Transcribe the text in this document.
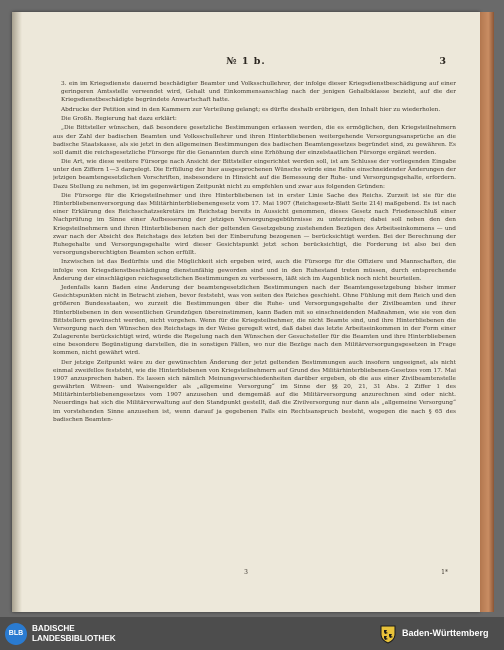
№ 1 b.	3

3. ein im Kriegsdienste dauernd beschädigter Beamter und Volksschullehrer, der infolge dieser Kriegsdienstbeschädigung auf einer geringeren Amtsstelle verwendet wird, Gehalt und Einkommensanschlag nach der jenigen Gehaltsklasse bezieht, auf die der Kriegsdienstbeschädigte begründete Anwartschaft hatte.

Abdrucke der Petition sind in den Kammern zur Verteilung gelangt; es dürfte deshalb erübrigen, den Inhalt hier zu wiederholen.

Die Großh. Regierung hat dazu erklärt:

„Die Bittsteller wünschen, daß besondere gesetzliche Bestimmungen erlassen werden, die es ermöglichen, den Kriegsteilnehmern aus der Zahl der badischen Beamten und Volksschullehrer und ihren Hinterbliebenen weitergehende Versorgungsansprüche an die badische Staatskasse, als sie jetzt in den allgemeinen Bestimmungen des badischen Beamtengesetzes begründet sind, zu gewähren. Es soll damit die reichsgesetzliche Fürsorge für die Genannten durch eine Erhöhung der einzelstaatlichen Fürsorge ergänzt werden.

Die Art, wie diese weitere Fürsorge nach Ansicht der Bittsteller eingerichtet werden soll, ist am Schlusse der vorliegenden Eingabe unter den Ziffern 1—3 dargelegt. Die Erfüllung der hier ausgesprochenen Wünsche würde eine Reihe einschneidender Änderungen der jetzigen beamtengesetzlichen Vorschriften, insbesondere in Hinsicht auf die Bemessung der Ruhe- und Versorgungsgehalte, erfordern. Dazu Stellung zu nehmen, ist im gegenwärtigen Zeitpunkt nicht zu empfehlen und zwar aus folgenden Gründen:

Die Fürsorge für die Kriegsteilnehmer und ihre Hinterbliebenen ist in erster Linie Sache des Reichs. Zurzeit ist sie für die Hinterbliebenenversorgung das Militärhinterbliebenengesetz vom 17. Mai 1907 (Reichsgesetz-Blatt Seite 214) maßgebend. Es ist nach einer Erklärung des Reichsschatzsekretärs im Reichstag bereits in Aussicht genommen, dieses Gesetz nach Friedensschluß einer Nachprüfung im Sinne einer Aufbesserung der jetzigen Versorgungsgebührnisse zu unterziehen; dabei soll neben den den Kriegsteilnehmern und ihren Hinterbliebenen nach der geltenden Gesetzgebung zustehenden Bezügen des Arbeitseinkommens — und zwar nach der Absicht des Reichstags des letzten bei der Einberufung bezogenen — berücksichtigt werden. Bei der Berechnung der Ruhegehalte und Versorgungsgehalte wird dieser Gesichtspunkt jetzt schon berücksichtigt, die Forderung ist also bei den versorgungsberechtigten Beamten schon erfüllt.

Inzwischen ist das Bedürfnis und die Möglichkeit sich ergeben wird, auch die Fürsorge für die Offiziere und Mannschaften, die infolge von Kriegsdienstbeschädigung dienstunfähig geworden sind und in den Ruhestand treten müssen, durch entsprechende Änderung der einschlägigen reichsgesetzlichen Bestimmungen zu verbessern, läßt sich im Augenblick noch nicht beurteilen.

Jedenfalls kann Baden eine Änderung der beamtengesetzlichen Bestimmungen nach der Beamtengesetzgebung bisher immer Gesichtspunkten nicht in Betracht ziehen, bevor feststeht, was von seiten des Reiches geschieht. Ohne Fühlung mit dem Reich und den größeren Bundesstaaten, wo zurzeit die Bestimmungen über die Ruhe- und Versorgungsgehalte der Zivilbeamten und ihrer Hinterbliebenen in den wesentlichen Grundzügen übereinstimmen, kann Baden mit so einschneidenden Maßnahmen, wie sie von den Bittstellern gewünscht werden, nicht vorgehen. Wenn für die Kriegsteilnehmer, die nicht Beamte sind, und ihre Hinterbliebenen die Versorgung nach den Wünschen des Reichstags in der Weise geregelt wird, daß dabei das letzte Arbeitseinkommen in der Form einer Zulagerente berücksichtigt wird, würde die Regelung nach den Wünschen der Gesuchsteller für die Beamten und ihre Hinterbliebenen eine besondere Begünstigung darstellen, die in sonstigen Fällen, wo nur die Bezüge nach den Militärversorgungsgesetzen in Frage kommen, nicht gewährt wird.

Der jetzige Zeitpunkt wäre zu der gewünschten Änderung der jetzt geltenden Bestimmungen auch insofern ungeeignet, als nicht einmal zweifellos feststeht, wie die Hinterbliebenen von Kriegsteilnehmern auf Grund des Militärhinterbliebenen-Gesetzes vom 17. Mai 1907 anzusprechen haben. Es lassen sich nämlich Meinungsverschiedenheiten darüber ergeben, ob die aus einer Zivilbeamtenstelle gewährten Witwen- und Waisengelder als „allgemeine Versorgung“ im Sinne der §§ 20, 21, 31 Abs. 2 Ziffer 1 des Militärhinterbliebenengesetzes vom 1907 anzusehen und demgemäß auf die Militärversorgung anzurechnen sind oder nicht. Neuerdings hat sich die Militärverwaltung auf den Standpunkt gestellt, daß die Zivilversorgung nur dann als „allgemeine Versorgung“ im vorstehenden Sinne anzusehen ist, wenn darauf ja gegebenen Falls ein Rechtsanspruch besteht, wogegen die nach § 65 des badischen Beamten-

3	1*
BLB
BADISCHE
LANDESBIBLIOTHEK
Baden-Württemberg
